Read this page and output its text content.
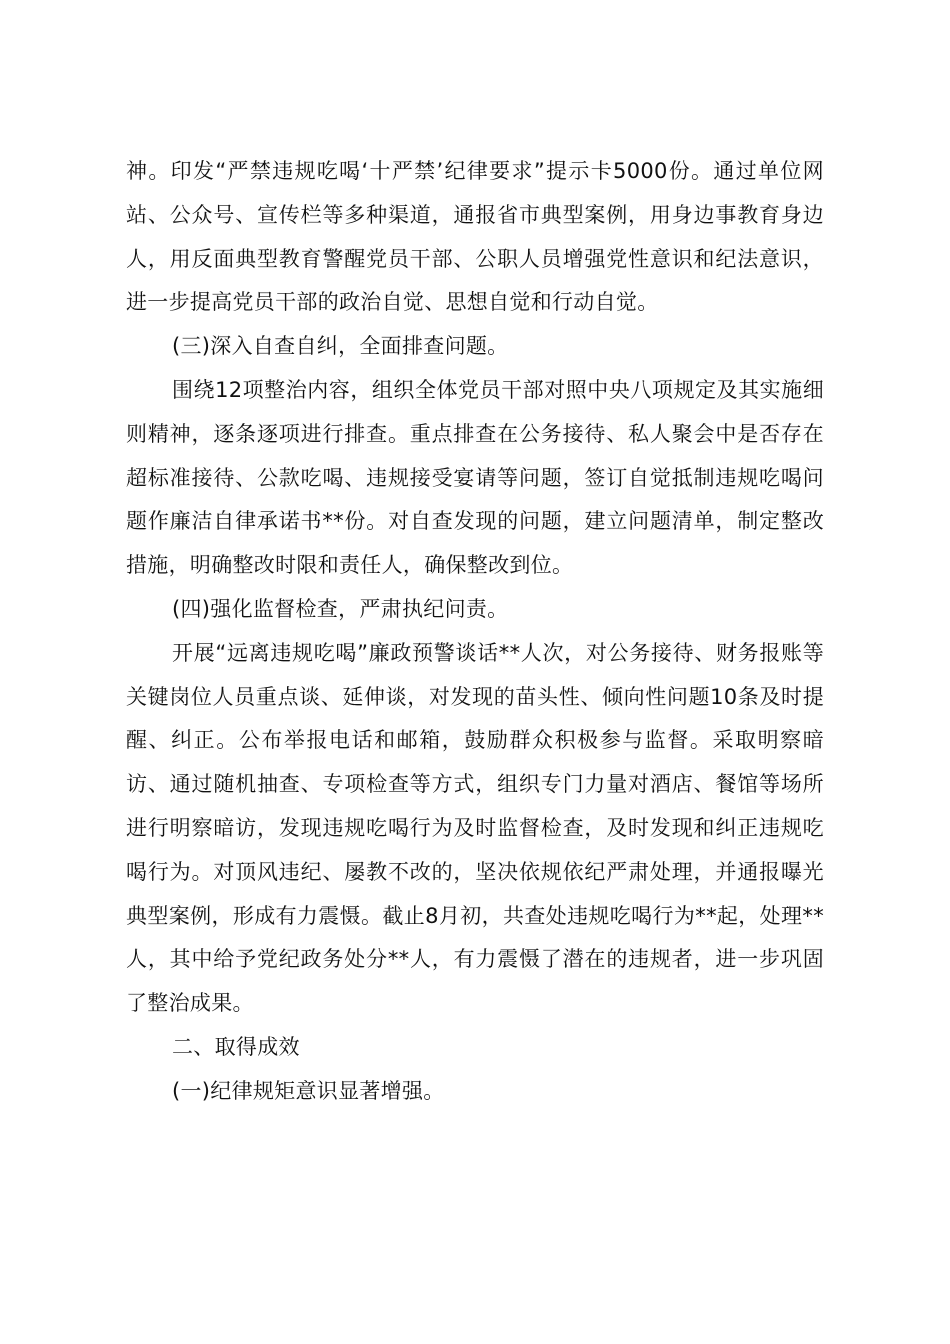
神。印发“严禁违规吃喝‘十严禁’纪律要求”提示卡5000份。通过单位网站、公众号、宣传栏等多种渠道，通报省市典型案例，用身边事教育身边人，用反面典型教育警醒党员干部、公职人员增强党性意识和纪法意识，进一步提高党员干部的政治自觉、思想自觉和行动自觉。

(三)深入自查自纠，全面排查问题。

围绕12项整治内容，组织全体党员干部对照中央八项规定及其实施细则精神，逐条逐项进行排查。重点排查在公务接待、私人聚会中是否存在超标准接待、公款吃喝、违规接受宴请等问题，签订自觉抵制违规吃喝问题作廉洁自律承诺书**份。对自查发现的问题，建立问题清单，制定整改措施，明确整改时限和责任人，确保整改到位。

(四)强化监督检查，严肃执纪问责。

开展“远离违规吃喝”廉政预警谈话**人次，对公务接待、财务报账等关键岗位人员重点谈、延伸谈，对发现的苗头性、倾向性问题10条及时提醒、纠正。公布举报电话和邮箱，鼓励群众积极参与监督。采取明察暗访、通过随机抽查、专项检查等方式，组织专门力量对酒店、餐馆等场所进行明察暗访，发现违规吃喝行为及时监督检查，及时发现和纠正违规吃喝行为。对顶风违纪、屡教不改的，坚决依规依纪严肃处理，并通报曝光典型案例，形成有力震慑。截止8月初，共查处违规吃喝行为**起，处理**人，其中给予党纪政务处分**人，有力震慑了潜在的违规者，进一步巩固了整治成果。

二、取得成效

(一)纪律规矩意识显著增强。
